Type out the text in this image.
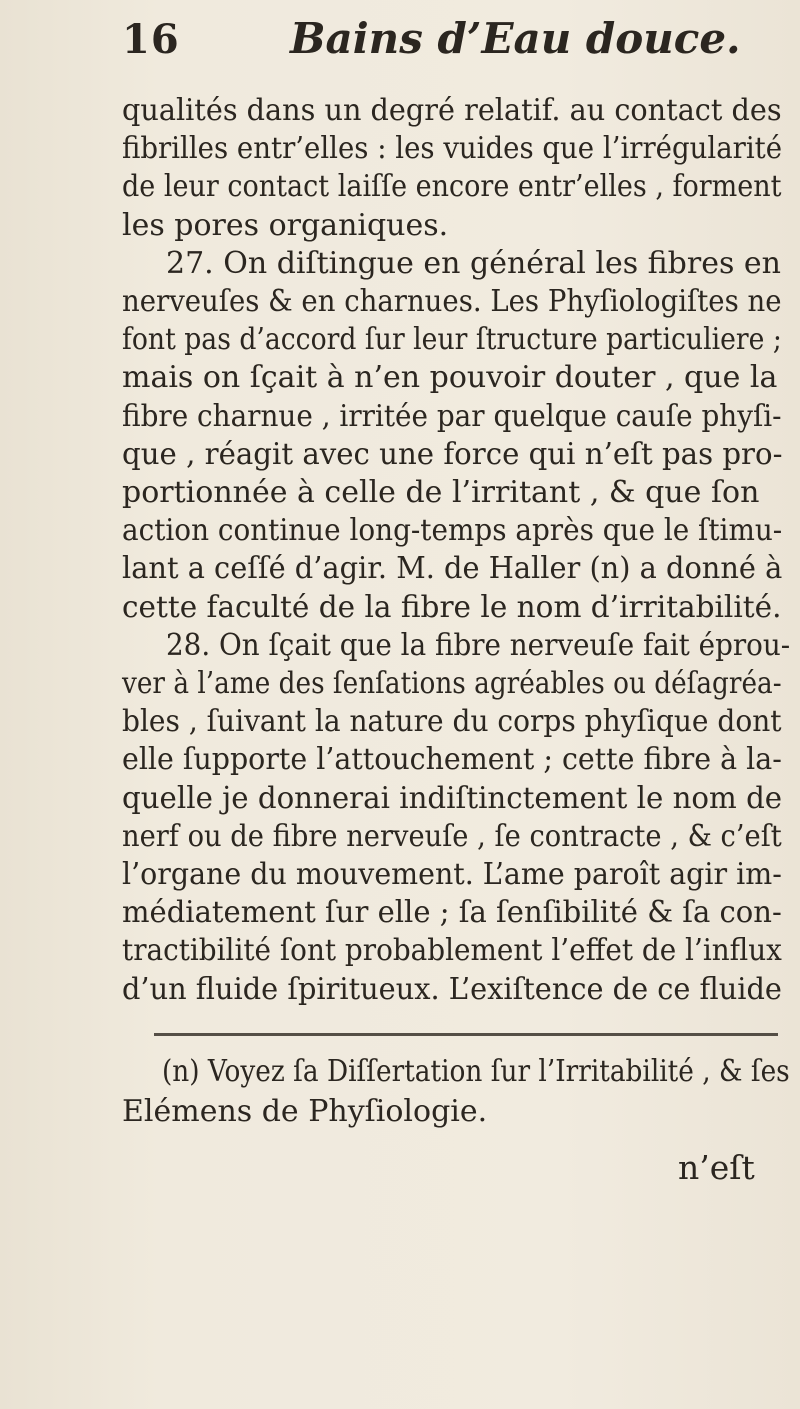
16	Bains d’Eau douce.
qualités dans un degré relatif. au contact des
fibrilles entr’elles : les vuides que l’irrégularité
de leur contact laiſſe encore entr’elles , forment
les pores organiques.
27. On diſtingue en général les fibres en
nerveuſes & en charnues. Les Phyſiologiſtes ne
font pas d’accord ſur leur ſtructure particuliere ;
mais on ſçait à n’en pouvoir douter , que la
fibre charnue , irritée par quelque cauſe phyſi-
que , réagit avec une force qui n’eſt pas pro-
portionnée à celle de l’irritant , & que ſon
action continue long-temps après que le ſtimu-
lant a ceſſé d’agir. M. de Haller (n) a donné à
cette faculté de la fibre le nom d’irritabilité.
28. On ſçait que la fibre nerveuſe fait éprou-
ver à l’ame des ſenſations agréables ou déſagréa-
bles , ſuivant la nature du corps phyſique dont
elle ſupporte l’attouchement ; cette fibre à la-
quelle je donnerai indiſtinctement le nom de
nerf ou de fibre nerveuſe , ſe contracte , & c’eſt
l’organe du mouvement. L’ame paroît agir im-
médiatement ſur elle ; ſa ſenſibilité & ſa con-
tractibilité ſont probablement l’effet de l’influx
d’un fluide ſpiritueux. L’exiſtence de ce fluide
(n) Voyez ſa Diſſertation ſur l’Irritabilité , & ſes
Elémens de Phyſiologie.
n’eſt
